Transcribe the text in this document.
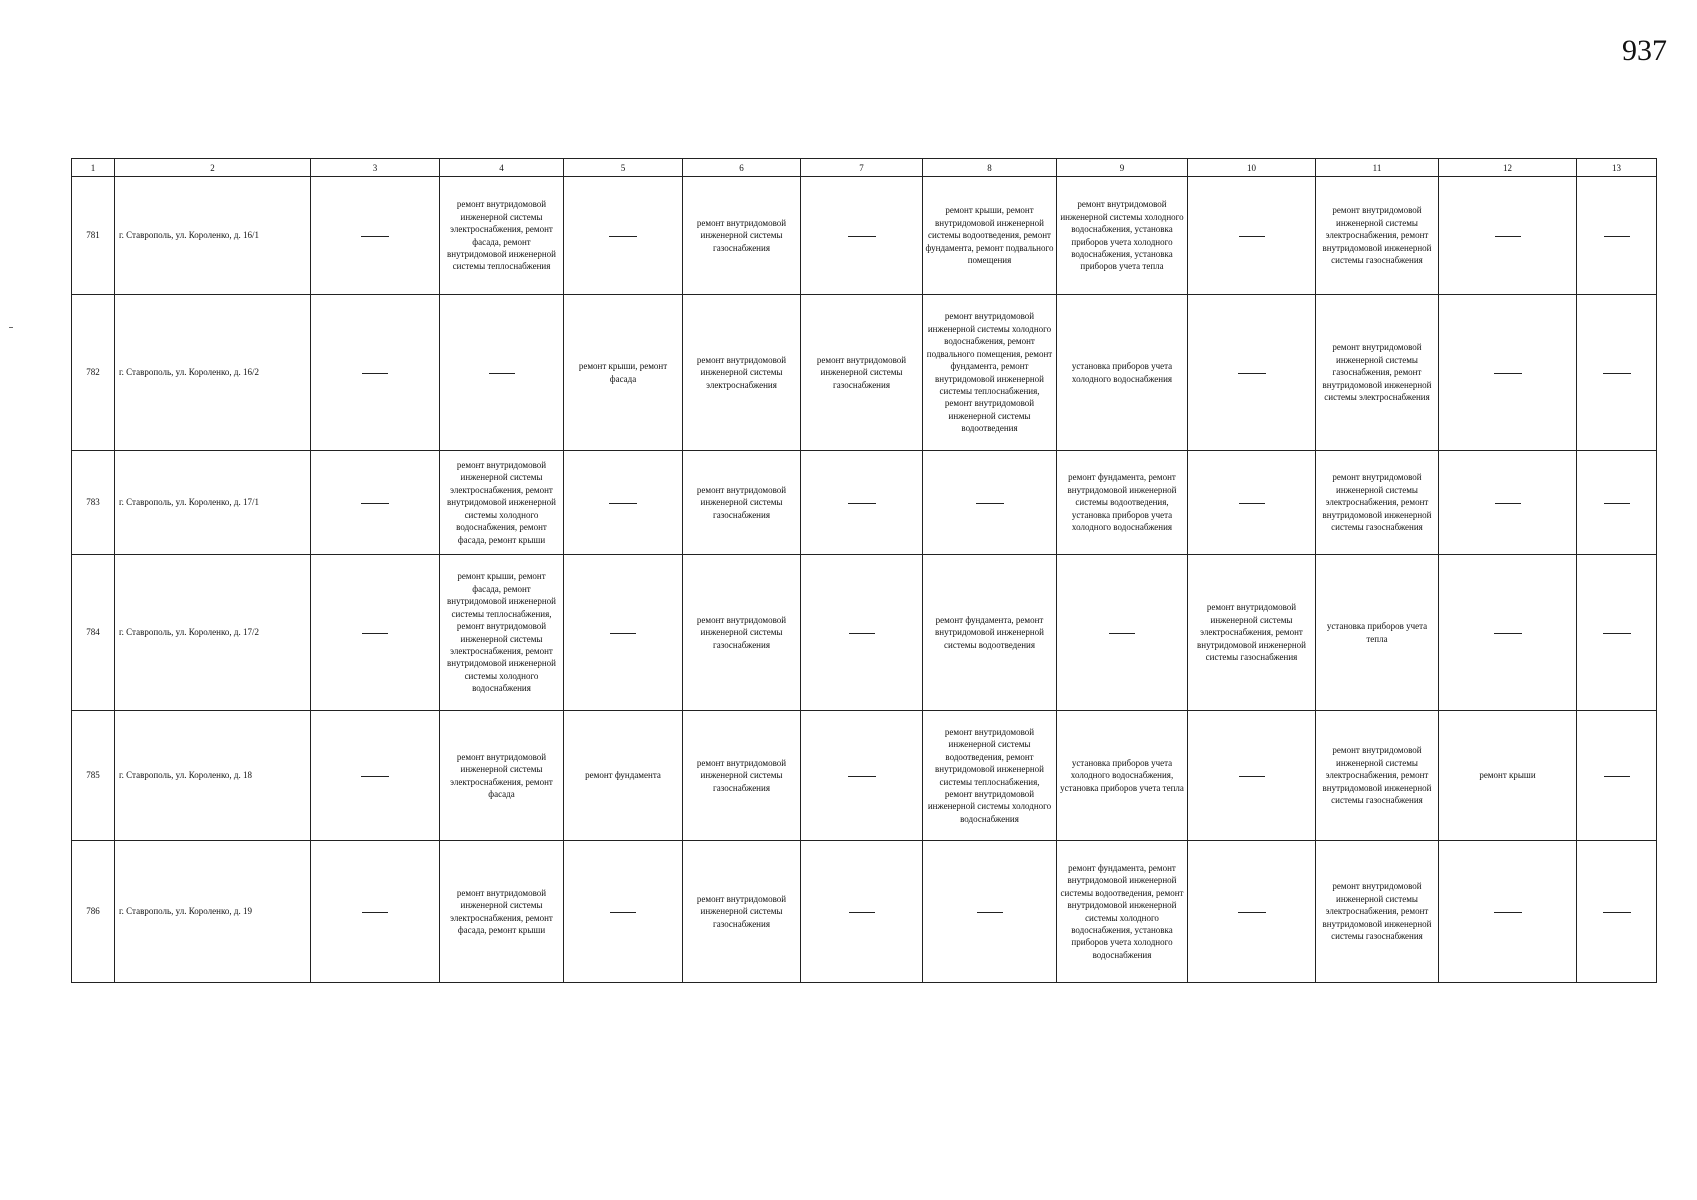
937
1	2	3	4	5	6	7	8	9	10	11	12	13
781	г. Ставрополь, ул. Короленко, д. 16/1		ремонт внутридомовой инженерной системы электроснабжения, ремонт фасада, ремонт внутридомовой инженерной системы теплоснабжения		ремонт внутридомовой инженерной системы газоснабжения		ремонт крыши, ремонт внутридомовой инженерной системы водоотведения, ремонт фундамента, ремонт подвального помещения	ремонт внутридомовой инженерной системы холодного водоснабжения, установка приборов учета холодного водоснабжения, установка приборов учета тепла		ремонт внутридомовой инженерной системы электроснабжения, ремонт внутридомовой инженерной системы газоснабжения		
782	г. Ставрополь, ул. Короленко, д. 16/2			ремонт крыши, ремонт фасада	ремонт внутридомовой инженерной системы электроснабжения	ремонт внутридомовой инженерной системы газоснабжения	ремонт внутридомовой инженерной системы холодного водоснабжения, ремонт подвального помещения, ремонт фундамента, ремонт внутридомовой инженерной системы теплоснабжения, ремонт внутридомовой инженерной системы водоотведения	установка приборов учета холодного водоснабжения		ремонт внутридомовой инженерной системы газоснабжения, ремонт внутридомовой инженерной системы электроснабжения		
783	г. Ставрополь, ул. Короленко, д. 17/1		ремонт внутридомовой инженерной системы электроснабжения, ремонт внутридомовой инженерной системы холодного водоснабжения, ремонт фасада, ремонт крыши		ремонт внутридомовой инженерной системы газоснабжения			ремонт фундамента, ремонт внутридомовой инженерной системы водоотведения, установка приборов учета холодного водоснабжения		ремонт внутридомовой инженерной системы электроснабжения, ремонт внутридомовой инженерной системы газоснабжения		
784	г. Ставрополь, ул. Короленко, д. 17/2		ремонт крыши, ремонт фасада, ремонт внутридомовой инженерной системы теплоснабжения, ремонт внутридомовой инженерной системы электроснабжения, ремонт внутридомовой инженерной системы холодного водоснабжения		ремонт внутридомовой инженерной системы газоснабжения		ремонт фундамента, ремонт внутридомовой инженерной системы водоотведения		ремонт внутридомовой инженерной системы электроснабжения, ремонт внутридомовой инженерной системы газоснабжения	установка приборов учета тепла		
785	г. Ставрополь, ул. Короленко, д. 18		ремонт внутридомовой инженерной системы электроснабжения, ремонт фасада	ремонт фундамента	ремонт внутридомовой инженерной системы газоснабжения		ремонт внутридомовой инженерной системы водоотведения, ремонт внутридомовой инженерной системы теплоснабжения, ремонт внутридомовой инженерной системы холодного водоснабжения	установка приборов учета холодного водоснабжения, установка приборов учета тепла		ремонт внутридомовой инженерной системы электроснабжения, ремонт внутридомовой инженерной системы газоснабжения	ремонт крыши	
786	г. Ставрополь, ул. Короленко, д. 19		ремонт внутридомовой инженерной системы электроснабжения, ремонт фасада, ремонт крыши		ремонт внутридомовой инженерной системы газоснабжения			ремонт фундамента, ремонт внутридомовой инженерной системы водоотведения, ремонт внутридомовой инженерной системы холодного водоснабжения, установка приборов учета холодного водоснабжения		ремонт внутридомовой инженерной системы электроснабжения, ремонт внутридомовой инженерной системы газоснабжения		
